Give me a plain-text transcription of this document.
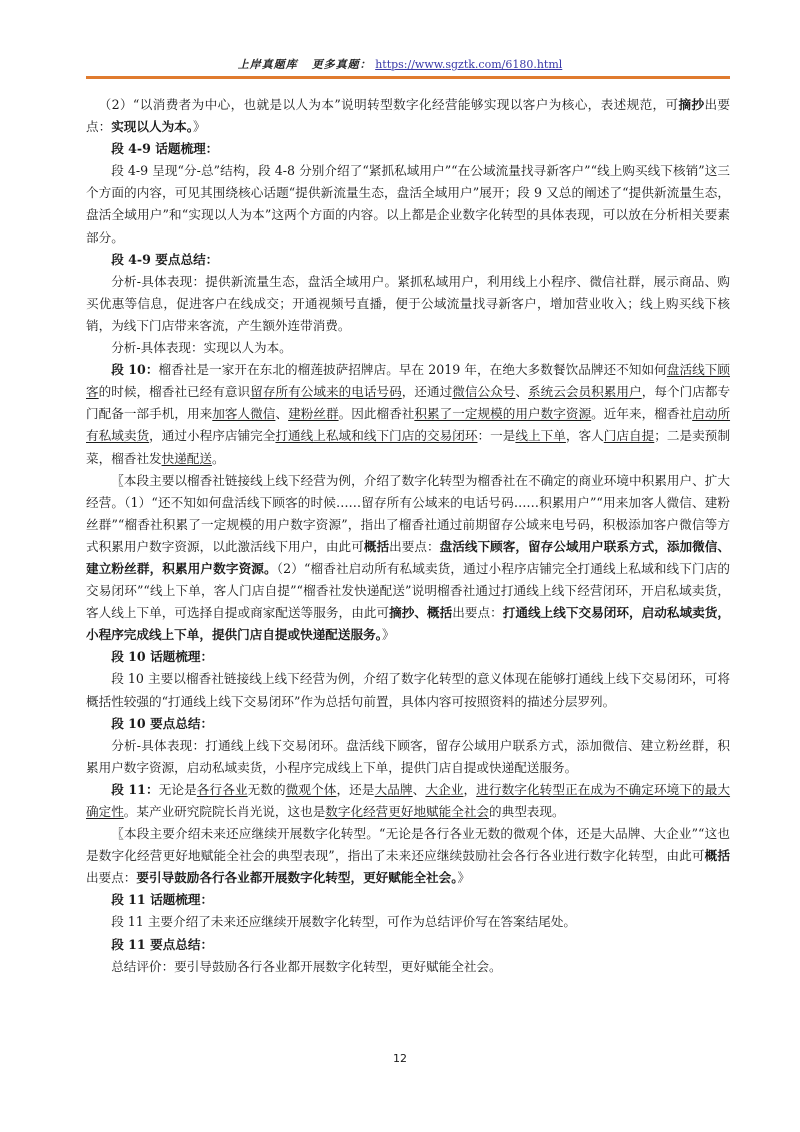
上岸真题库 更多真题： https://www.sgztk.com/6180.html

（2）“以消费者为中心，也就是以人为本”说明转型数字化经营能够实现以客户为核心，表述规范，可摘抄出要点：实现以人为本。》

段 4-9 话题梳理：

段 4-9 呈现“分-总”结构，段 4-8 分别介绍了“紧抓私域用户”“在公域流量找寻新客户”“线上购买线下核销”这三个方面的内容，可见其围绕核心话题“提供新流量生态，盘活全域用户”展开；段 9 又总的阐述了“提供新流量生态，盘活全域用户”和“实现以人为本”这两个方面的内容。以上都是企业数字化转型的具体表现，可以放在分析相关要素部分。

段 4-9 要点总结：

分析-具体表现：提供新流量生态，盘活全域用户。紧抓私域用户，利用线上小程序、微信社群，展示商品、购买优惠等信息，促进客户在线成交；开通视频号直播，便于公域流量找寻新客户，增加营业收入；线上购买线下核销，为线下门店带来客流，产生额外连带消费。

分析-具体表现：实现以人为本。

段 10：榴香社是一家开在东北的榴莲披萨招牌店。早在 2019 年，在绝大多数餐饮品牌还不知如何盘活线下顾客的时候，榴香社已经有意识留存所有公域来的电话号码，还通过微信公众号、系统云会员积累用户，每个门店都专门配备一部手机，用来加客人微信、建粉丝群。因此榴香社积累了一定规模的用户数字资源。近年来，榴香社启动所有私域卖货，通过小程序店铺完全打通线上私域和线下门店的交易闭环：一是线上下单，客人门店自提；二是卖预制菜，榴香社发快递配送。

〖本段主要以榴香社链接线上线下经营为例，介绍了数字化转型为榴香社在不确定的商业环境中积累用户、扩大经营。（1）“还不知如何盘活线下顾客的时候……留存所有公域来的电话号码……积累用户”“用来加客人微信、建粉丝群”“榴香社积累了一定规模的用户数字资源”，指出了榴香社通过前期留存公域来电号码，积极添加客户微信等方式积累用户数字资源，以此激活线下用户，由此可概括出要点：盘活线下顾客，留存公域用户联系方式，添加微信、建立粉丝群，积累用户数字资源。（2）“榴香社启动所有私域卖货，通过小程序店铺完全打通线上私域和线下门店的交易闭环”“线上下单，客人门店自提”“榴香社发快递配送”说明榴香社通过打通线上线下经营闭环，开启私域卖货，客人线上下单，可选择自提或商家配送等服务，由此可摘抄、概括出要点：打通线上线下交易闭环，启动私域卖货，小程序完成线上下单，提供门店自提或快递配送服务。》

段 10 话题梳理：

段 10 主要以榴香社链接线上线下经营为例，介绍了数字化转型的意义体现在能够打通线上线下交易闭环，可将概括性较强的“打通线上线下交易闭环”作为总括句前置，具体内容可按照资料的描述分层罗列。

段 10 要点总结：

分析-具体表现：打通线上线下交易闭环。盘活线下顾客，留存公域用户联系方式，添加微信、建立粉丝群，积累用户数字资源，启动私域卖货，小程序完成线上下单，提供门店自提或快递配送服务。

段 11：无论是各行各业无数的微观个体，还是大品牌、大企业，进行数字化转型正在成为不确定环境下的最大确定性。某产业研究院院长肖光说，这也是数字化经营更好地赋能全社会的典型表现。

〖本段主要介绍未来还应继续开展数字化转型。“无论是各行各业无数的微观个体，还是大品牌、大企业”“这也是数字化经营更好地赋能全社会的典型表现”，指出了未来还应继续鼓励社会各行各业进行数字化转型，由此可概括出要点：要引导鼓励各行各业都开展数字化转型，更好赋能全社会。》

段 11 话题梳理：

段 11 主要介绍了未来还应继续开展数字化转型，可作为总结评价写在答案结尾处。

段 11 要点总结：

总结评价：要引导鼓励各行各业都开展数字化转型，更好赋能全社会。

12
